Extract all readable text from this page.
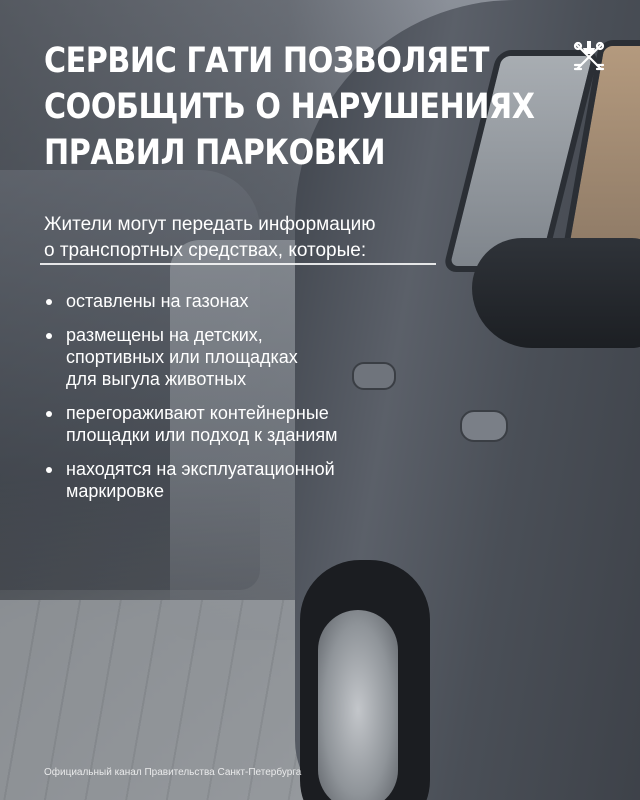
СЕРВИС ГАТИ ПОЗВОЛЯЕТ
СООБЩИТЬ О НАРУШЕНИЯХ
ПРАВИЛ ПАРКОВКИ
Жители могут передать информацию
о транспортных средствах, которые:
оставлены на газонах
размещены на детских,
спортивных или площадках
для выгула животных
перегораживают контейнерные
площадки или подход к зданиям
находятся на эксплуатационной
маркировке
Официальный канал Правительства Санкт-Петербурга
